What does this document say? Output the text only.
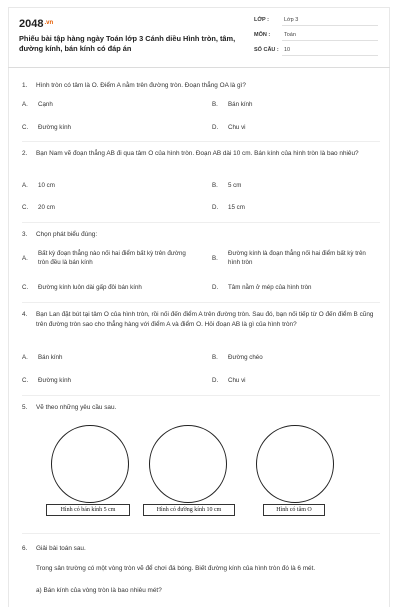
$2048^{.vn}$
Phiếu bài tập hàng ngày Toán lớp 3 Cánh diều Hình tròn, tâm, đường kính, bán kính có đáp án
LỚP :	Lớp 3
MÔN :	Toán
SỐ CÂU : 10
1. Hình tròn có tâm là O. Điểm A nằm trên đường tròn. Đoạn thẳng OA là gì?
A. Cạnh	B. Bán kính
C. Đường kính	D. Chu vi
2. Bạn Nam vẽ đoạn thẳng AB đi qua tâm O của hình tròn. Đoạn AB dài 10 cm. Bán kính của hình tròn là bao nhiêu?
A. 10 cm	B. 5 cm
C. 20 cm	D. 15 cm
3. Chọn phát biểu đúng:
A.
Bất kỳ đoạn thẳng nào nối hai điểm bất kỳ trên đường tròn đều là bán kính
B.
Đường kính là đoạn thẳng nối hai điểm bất kỳ trên hình tròn
C. Đường kính luôn dài gấp đôi bán kính	D. Tâm nằm ở mép của hình tròn
4. Bạn Lan đặt bút tại tâm O của hình tròn, rồi nối đến điểm A trên đường tròn. Sau đó, bạn nối tiếp từ O đến điểm B cũng trên đường tròn sao cho thẳng hàng với điểm A và điểm O. Hỏi đoạn AB là gì của hình tròn?
A. Bán kính	B. Đường chéo
C. Đường kính	D. Chu vi
5. Vẽ theo những yêu cầu sau.
Hình có bán kính 5 cm	Hình có đường kính 10 cm	Hình có tâm O
6. Giải bài toán sau.
Trong sân trường có một vòng tròn vẽ để chơi đá bóng. Biết đường kính của hình tròn đó là 6 mét.
a) Bán kính của vòng tròn là bao nhiêu mét?
